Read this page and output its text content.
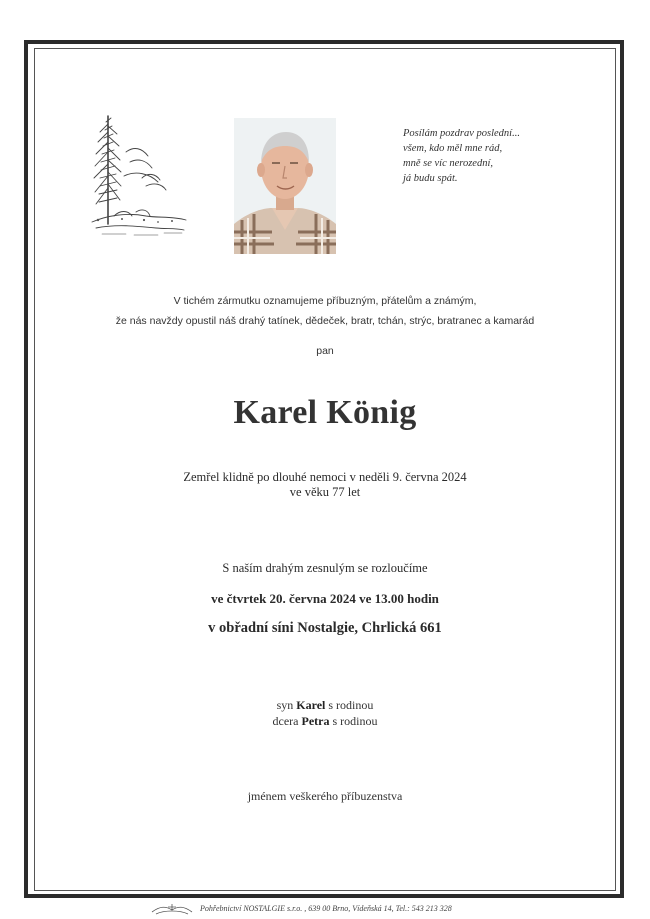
Posílám pozdrav poslední...
všem, kdo měl mne rád,
mně se víc nerozední,
já budu spát.
V tichém zármutku oznamujeme příbuzným, přátelům a známým,
že nás navždy opustil náš drahý tatínek, dědeček, bratr, tchán, strýc, bratranec a kamarád
pan
Karel König
Zemřel klidně po dlouhé nemoci v neděli 9. června 2024
ve věku 77 let
S naším drahým zesnulým se rozloučíme
ve čtvrtek 20. června 2024 ve 13.00 hodin
v obřadní síni Nostalgie, Chrlická 661
syn Karel s rodinou
dcera Petra s rodinou
jménem veškerého příbuzenstva
Pohřebnictví NOSTALGIE s.r.o. , 639 00 Brno, Vídeňská 14, Tel.: 543 213 328
